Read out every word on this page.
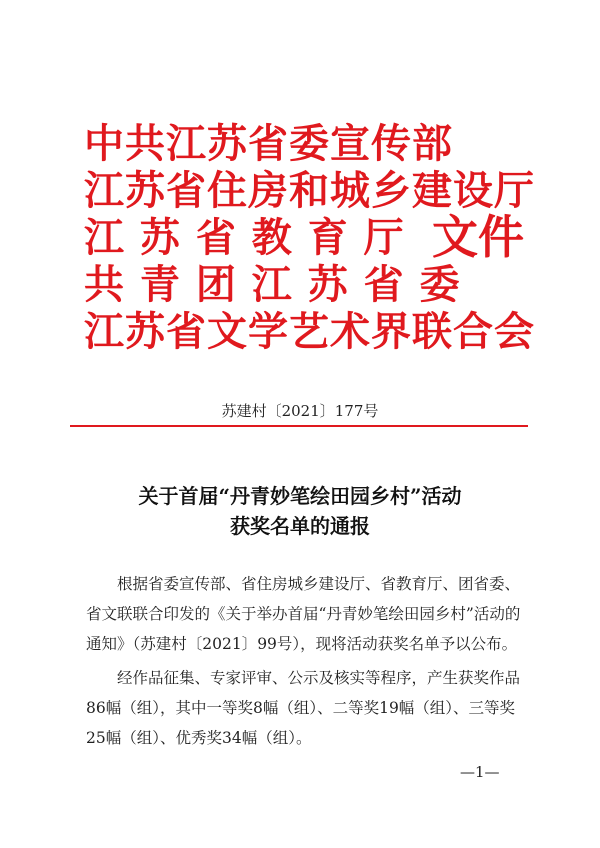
中共江苏省委宣传部
江苏省住房和城乡建设厅
江 苏 省 教 育 厅
共 青 团 江 苏 省 委
江苏省文学艺术界联合会
文件
苏建村〔2021〕177号
关于首届“丹青妙笔绘田园乡村”活动
获奖名单的通报

根据省委宣传部、省住房城乡建设厅、省教育厅、团省委、省文联联合印发的《关于举办首届“丹青妙笔绘田园乡村”活动的通知》（苏建村〔2021〕99号），现将活动获奖名单予以公布。

经作品征集、专家评审、公示及核实等程序，产生获奖作品86幅（组），其中一等奖8幅（组）、二等奖19幅（组）、三等奖25幅（组）、优秀奖34幅（组）。

—1—
